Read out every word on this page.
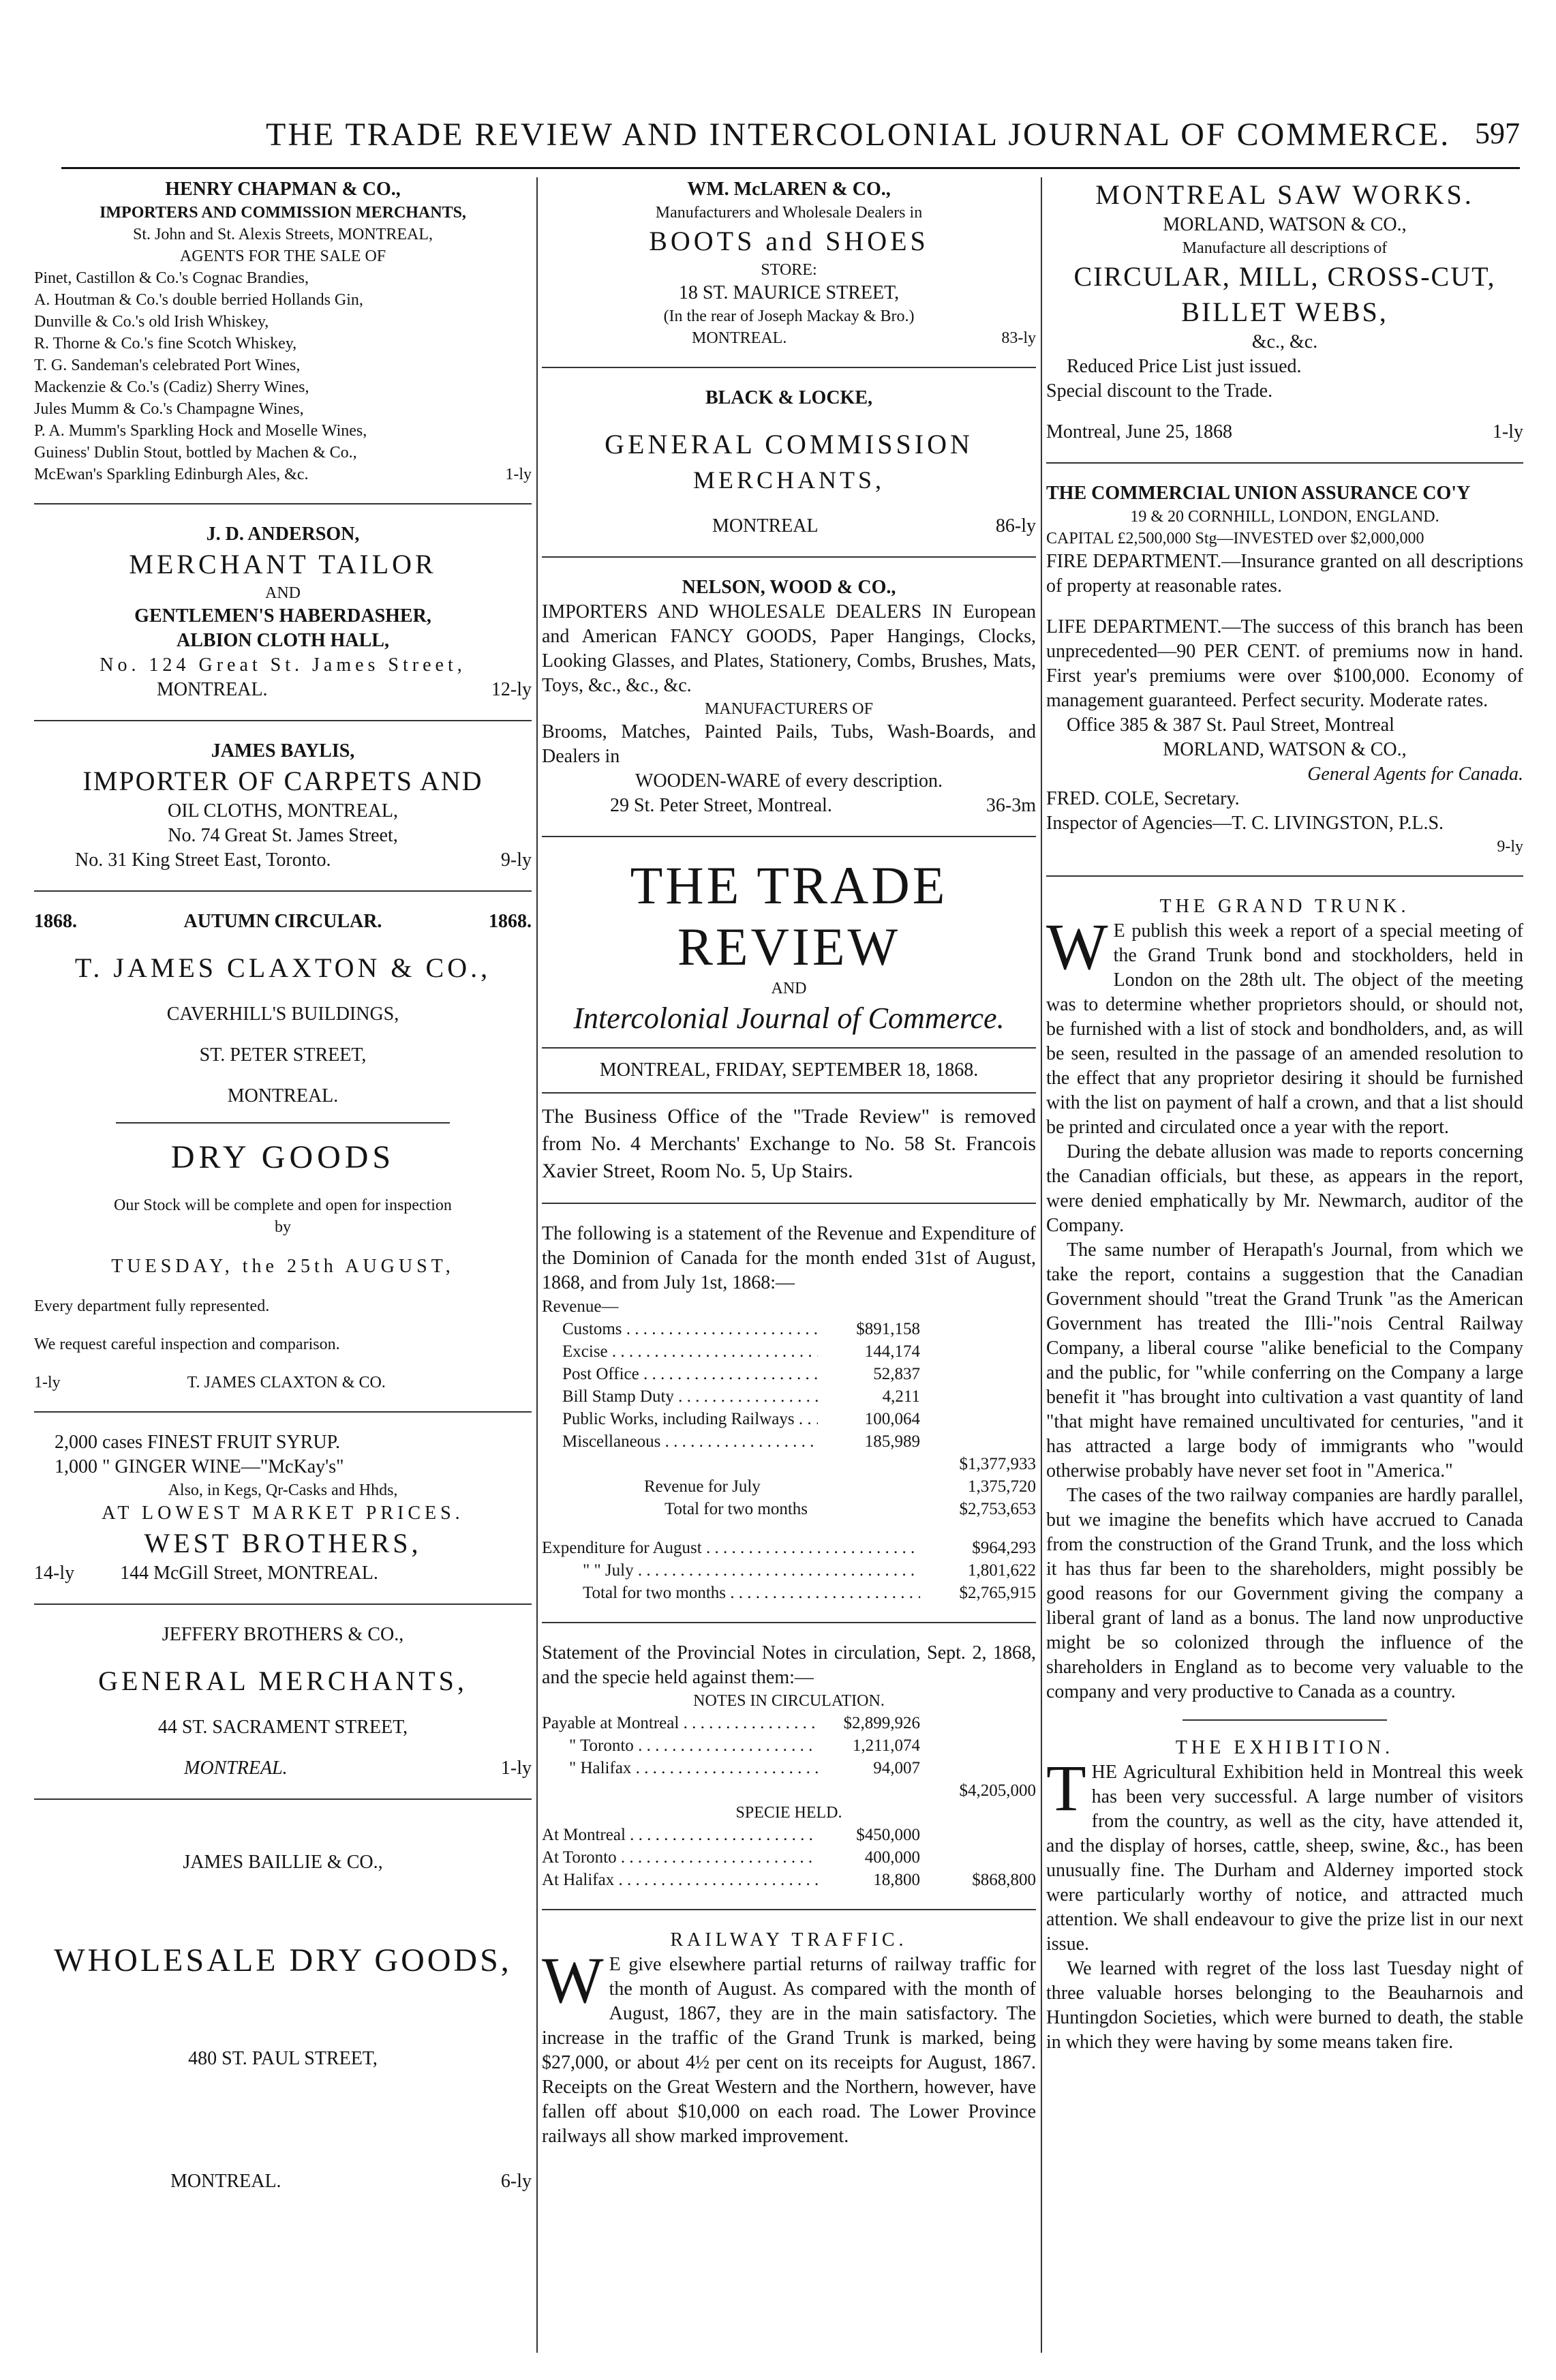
THE TRADE REVIEW AND INTERCOLONIAL JOURNAL OF COMMERCE. 597
HENRY CHAPMAN & CO.,
IMPORTERS AND COMMISSION MERCHANTS,
St. John and St. Alexis Streets, MONTREAL,
AGENTS FOR THE SALE OF
Pinet, Castillon & Co.'s Cognac Brandies,
A. Houtman & Co.'s double berried Hollands Gin,
Dunville & Co.'s old Irish Whiskey,
R. Thorne & Co.'s fine Scotch Whiskey,
T. G. Sandeman's celebrated Port Wines,
Mackenzie & Co.'s (Cadiz) Sherry Wines,
Jules Mumm & Co.'s Champagne Wines,
P. A. Mumm's Sparkling Hock and Moselle Wines,
Guiness' Dublin Stout, bottled by Machen & Co.,
McEwan's Sparkling Edinburgh Ales, &c.	1-ly
J. D. ANDERSON,
MERCHANT TAILOR
AND
GENTLEMEN'S HABERDASHER,
ALBION CLOTH HALL,
No. 124 Great St. James Street,
MONTREAL.	12-ly
JAMES BAYLIS,
IMPORTER OF CARPETS AND
OIL CLOTHS, MONTREAL,
No. 74 Great St. James Street,
No. 31 King Street East, Toronto.	9-ly
1868.	AUTUMN CIRCULAR.	1868.
T. JAMES CLAXTON & CO.,
CAVERHILL'S BUILDINGS,
ST. PETER STREET,
MONTREAL.
DRY GOODS
Our Stock will be complete and open for inspection
by
TUESDAY, the 25th AUGUST,
Every department fully represented.
We request careful inspection and comparison.
1-ly	T. JAMES CLAXTON & CO.
2,000 cases FINEST FRUIT SYRUP.
1,000 " GINGER WINE—"McKay's"
Also, in Kegs, Qr-Casks and Hhds,
AT LOWEST MARKET PRICES.
WEST BROTHERS,
14-ly 144 McGill Street, MONTREAL.
JEFFERY BROTHERS & CO.,
GENERAL MERCHANTS,
44 ST. SACRAMENT STREET,
MONTREAL.	1-ly
JAMES BAILLIE & CO.,
WHOLESALE DRY GOODS,
480 ST. PAUL STREET,
MONTREAL.	6-ly
WM. McLAREN & CO.,
Manufacturers and Wholesale Dealers in
BOOTS and SHOES
STORE:
18 ST. MAURICE STREET,
(In the rear of Joseph Mackay & Bro.)
MONTREAL.	83-ly
BLACK & LOCKE,
GENERAL COMMISSION
MERCHANTS,
MONTREAL	86-ly
NELSON, WOOD & CO.,
IMPORTERS AND WHOLESALE DEALERS IN European and American FANCY GOODS, Paper Hangings, Clocks, Looking Glasses, and Plates, Stationery, Combs, Brushes, Mats, Toys, &c., &c., &c.
MANUFACTURERS OF
Brooms, Matches, Painted Pails, Tubs, Wash-Boards, and Dealers in
WOODEN-WARE of every description.
29 St. Peter Street, Montreal.	36-3m
THE TRADE REVIEW
AND
Intercolonial Journal of Commerce.
MONTREAL, FRIDAY, SEPTEMBER 18, 1868.
The Business Office of the "Trade Review" is removed from No. 4 Merchants' Exchange to No. 58 St. Francois Xavier Street, Room No. 5, Up Stairs.
The following is a statement of the Revenue and Expenditure of the Dominion of Canada for the month ended 31st of August, 1868, and from July 1st, 1868:—
Revenue—
Customs . . .	$891,158
Excise . . .	144,174
Post Office . . .	52,837
Bill Stamp Duty . . .	4,211
Public Works, including Railways . . .	100,064
Miscellaneous . . .	185,989
$1,377,933
Revenue for July	1,375,720
Total for two months	$2,753,653
Expenditure for August . . .	$964,293
" " July . . .	1,801,622
Total for two months . . .	$2,765,915
Statement of the Provincial Notes in circulation, Sept. 2, 1868, and the specie held against them:—
NOTES IN CIRCULATION.
Payable at Montreal . . .	$2,899,926
" Toronto . . .	1,211,074
" Halifax . . .	94,007
$4,205,000
SPECIE HELD.
At Montreal . . .	$450,000
At Toronto . . .	400,000
At Halifax . . .	18,800	$868,800
RAILWAY TRAFFIC.
W E give elsewhere partial returns of railway traffic for the month of August. As compared with the month of August, 1867, they are in the main satisfactory. The increase in the traffic of the Grand Trunk is marked, being $27,000, or about 4½ per cent on its receipts for August, 1867. Receipts on the Great Western and the Northern, however, have fallen off about $10,000 on each road. The Lower Province railways all show marked improvement.
MONTREAL SAW WORKS.
MORLAND, WATSON & CO.,
Manufacture all descriptions of
CIRCULAR, MILL, CROSS-CUT,
BILLET WEBS,
&c., &c.
Reduced Price List just issued.
Special discount to the Trade.
Montreal, June 25, 1868	1-ly
THE COMMERCIAL UNION ASSURANCE CO'Y
19 & 20 CORNHILL, LONDON, ENGLAND.
CAPITAL £2,500,000 Stg—INVESTED over $2,000,000
FIRE DEPARTMENT.—Insurance granted on all descriptions of property at reasonable rates.
LIFE DEPARTMENT.—The success of this branch has been unprecedented—90 PER CENT. of premiums now in hand. First year's premiums were over $100,000. Economy of management guaranteed. Perfect security. Moderate rates.
Office 385 & 387 St. Paul Street, Montreal
MORLAND, WATSON & CO.,
General Agents for Canada.
FRED. COLE, Secretary.
Inspector of Agencies—T. C. LIVINGSTON, P.L.S.
9-ly
THE GRAND TRUNK.
W E publish this week a report of a special meeting of the Grand Trunk bond and stockholders, held in London on the 28th ult. The object of the meeting was to determine whether proprietors should, or should not, be furnished with a list of stock and bondholders, and, as will be seen, resulted in the passage of an amended resolution to the effect that any proprietor desiring it should be furnished with the list on payment of half a crown, and that a list should be printed and circulated once a year with the report.
During the debate allusion was made to reports concerning the Canadian officials, but these, as appears in the report, were denied emphatically by Mr. Newmarch, auditor of the Company.
The same number of Herapath's Journal, from which we take the report, contains a suggestion that the Canadian Government should "treat the Grand Trunk "as the American Government has treated the Illi-"nois Central Railway Company, a liberal course "alike beneficial to the Company and the public, for "while conferring on the Company a large benefit it "has brought into cultivation a vast quantity of land "that might have remained uncultivated for centuries, "and it has attracted a large body of immigrants who "would otherwise probably have never set foot in "America."
The cases of the two railway companies are hardly parallel, but we imagine the benefits which have accrued to Canada from the construction of the Grand Trunk, and the loss which it has thus far been to the shareholders, might possibly be good reasons for our Government giving the company a liberal grant of land as a bonus. The land now unproductive might be so colonized through the influence of the shareholders in England as to become very valuable to the company and very productive to Canada as a country.
THE EXHIBITION.
THE Agricultural Exhibition held in Montreal this week has been very successful. A large number of visitors from the country, as well as the city, have attended it, and the display of horses, cattle, sheep, swine, &c., has been unusually fine. The Durham and Alderney imported stock were particularly worthy of notice, and attracted much attention. We shall endeavour to give the prize list in our next issue.
We learned with regret of the loss last Tuesday night of three valuable horses belonging to the Beauharnois and Huntingdon Societies, which were burned to death, the stable in which they were having by some means taken fire.
